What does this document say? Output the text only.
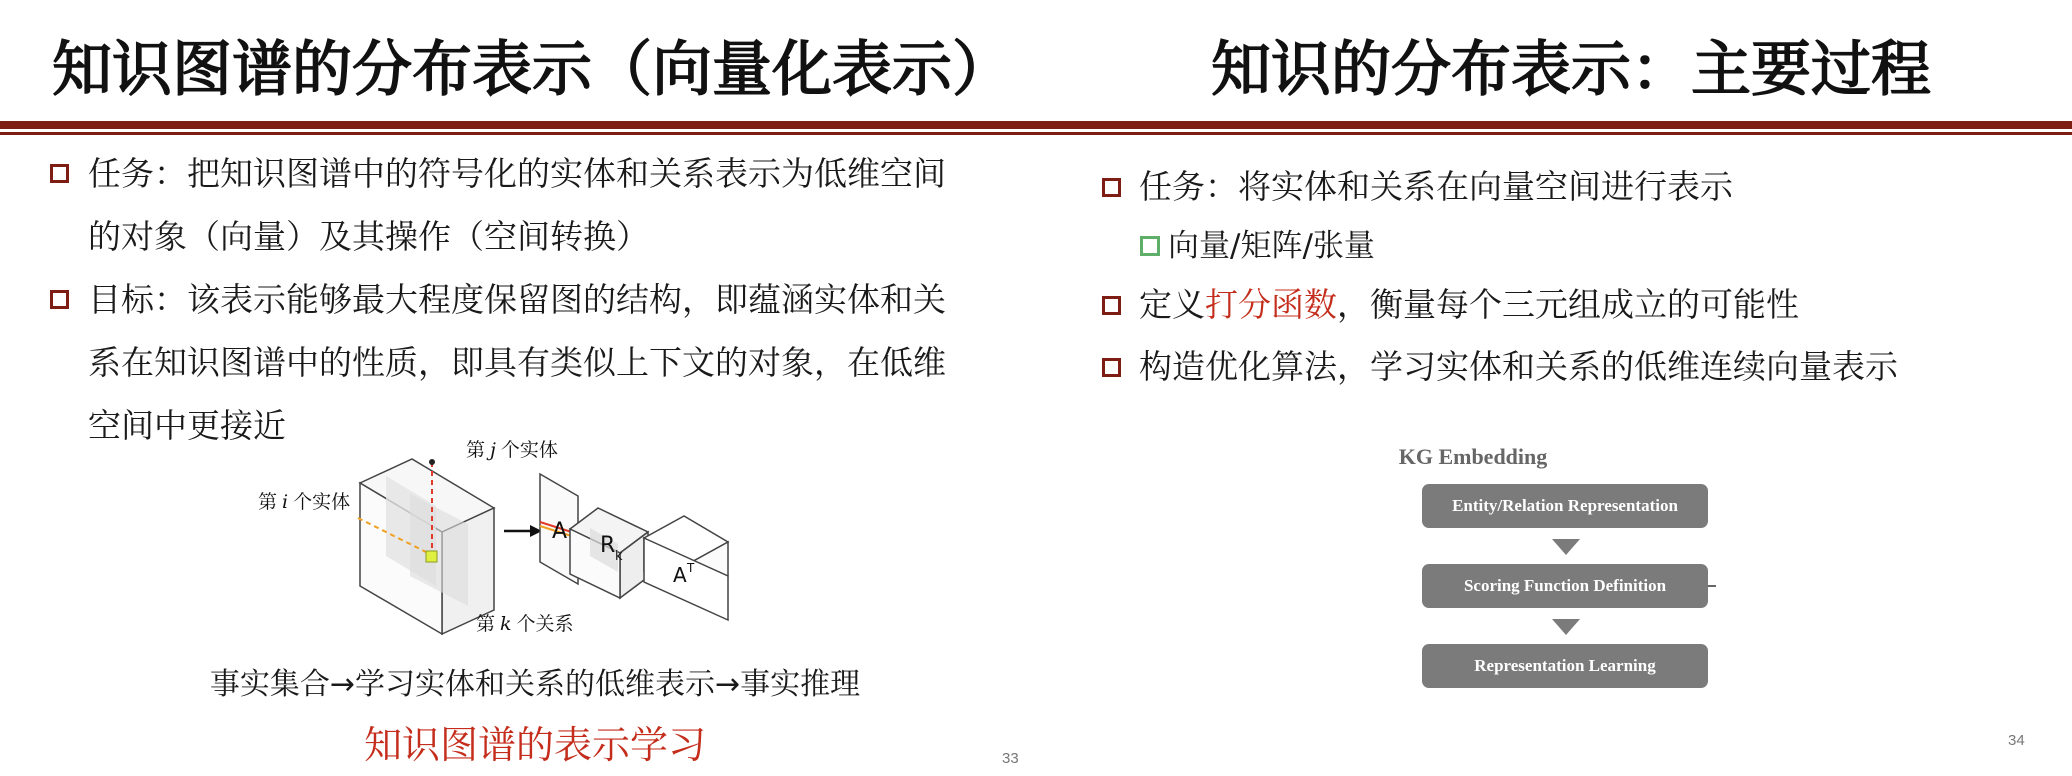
知识图谱的分布表示（向量化表示）
任务：把知识图谱中的符号化的实体和关系表示为低维空间的对象（向量）及其操作（空间转换）
目标：该表示能够最大程度保留图的结构，即蕴涵实体和关系在知识图谱中的性质，即具有类似上下文的对象，在低维空间中更接近
A
R k
A T
第 i 个实体
第 j 个实体
第 k 个关系
事实集合→学习实体和关系的低维表示→事实推理
知识图谱的表示学习	33
知识的分布表示：主要过程
任务：将实体和关系在向量空间进行表示
向量/矩阵/张量
定义打分函数，衡量每个三元组成立的可能性
构造优化算法，学习实体和关系的低维连续向量表示
KG Embedding
Entity/Relation Representation
Scoring Function Definition
Representation Learning
34
